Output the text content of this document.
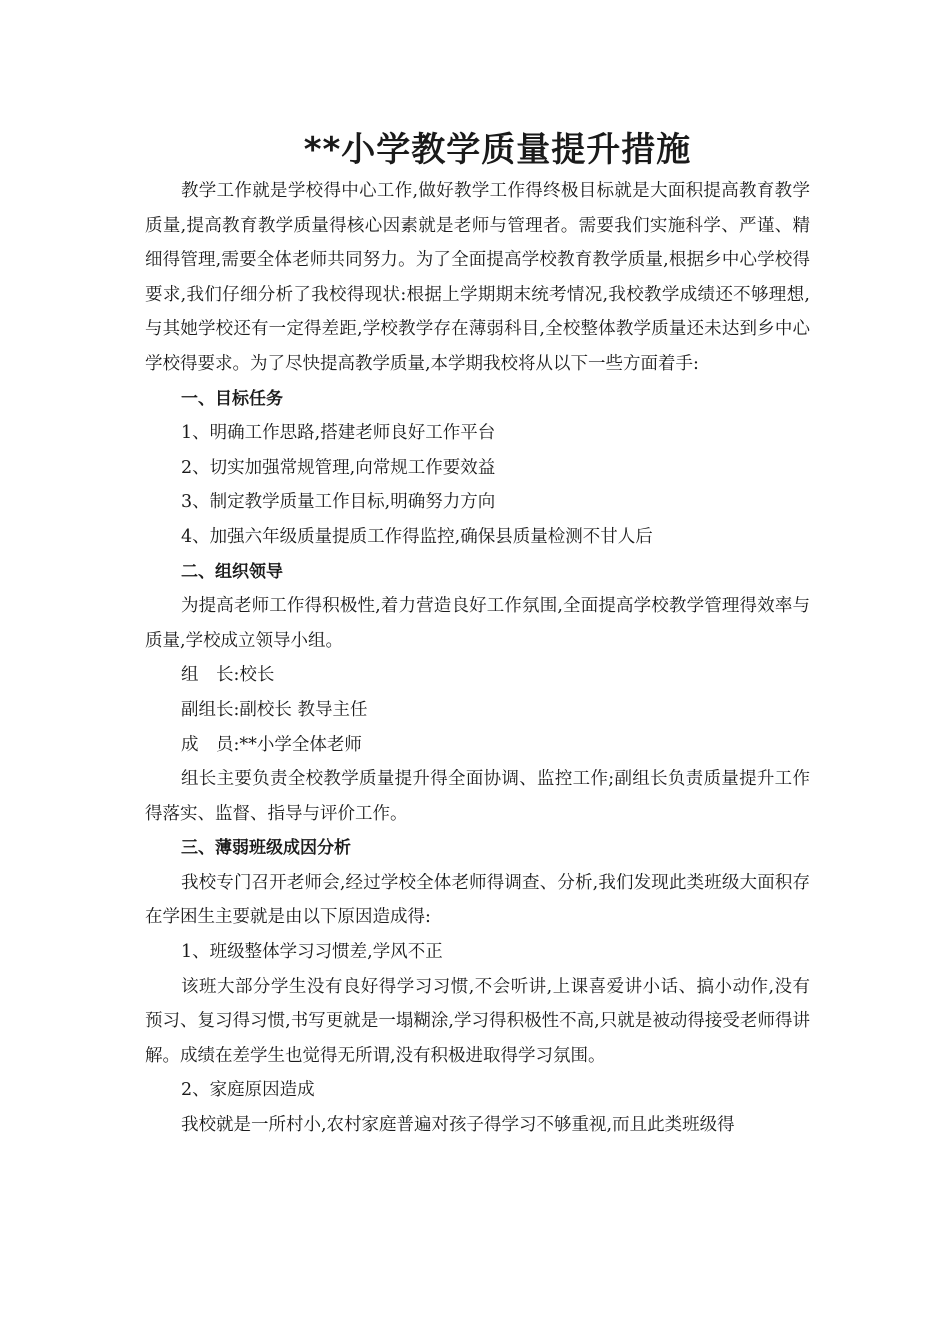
**小学教学质量提升措施

教学工作就是学校得中心工作,做好教学工作得终极目标就是大面积提高教育教学质量,提高教育教学质量得核心因素就是老师与管理者。需要我们实施科学、严谨、精细得管理,需要全体老师共同努力。为了全面提高学校教育教学质量,根据乡中心学校得要求,我们仔细分析了我校得现状:根据上学期期末统考情况,我校教学成绩还不够理想,与其她学校还有一定得差距,学校教学存在薄弱科目,全校整体教学质量还未达到乡中心学校得要求。为了尽快提高教学质量,本学期我校将从以下一些方面着手:

一、目标任务

1、明确工作思路,搭建老师良好工作平台

2、切实加强常规管理,向常规工作要效益

3、制定教学质量工作目标,明确努力方向

4、加强六年级质量提质工作得监控,确保县质量检测不甘人后

二、组织领导

为提高老师工作得积极性,着力营造良好工作氛围,全面提高学校教学管理得效率与质量,学校成立领导小组。

组　长:校长

副组长:副校长 教导主任

成　员:**小学全体老师

组长主要负责全校教学质量提升得全面协调、监控工作;副组长负责质量提升工作得落实、监督、指导与评价工作。

三、薄弱班级成因分析

我校专门召开老师会,经过学校全体老师得调查、分析,我们发现此类班级大面积存在学困生主要就是由以下原因造成得:

1、班级整体学习习惯差,学风不正

该班大部分学生没有良好得学习习惯,不会听讲,上课喜爱讲小话、搞小动作,没有预习、复习得习惯,书写更就是一塌糊涂,学习得积极性不高,只就是被动得接受老师得讲解。成绩在差学生也觉得无所谓,没有积极进取得学习氛围。

2、家庭原因造成

我校就是一所村小,农村家庭普遍对孩子得学习不够重视,而且此类班级得
